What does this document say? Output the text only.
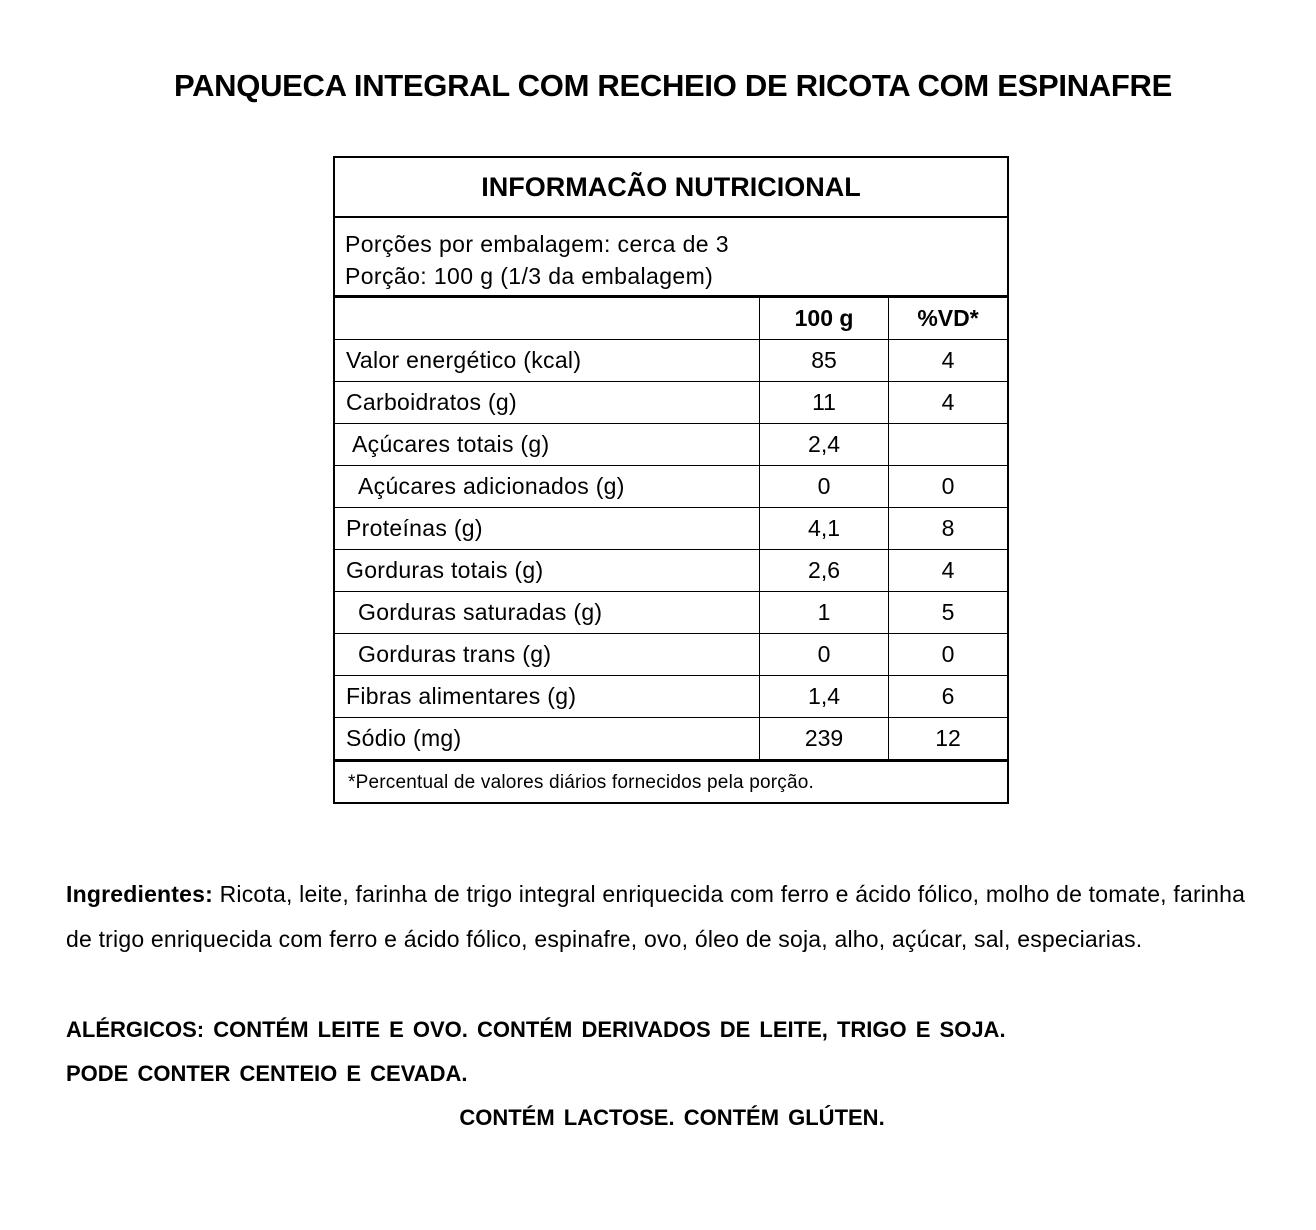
PANQUECA INTEGRAL COM RECHEIO DE RICOTA COM ESPINAFRE
INFORMACÃO NUTRICIONAL
Porções por embalagem: cerca de 3
Porção: 100 g (1/3 da embalagem)
	100 g	%VD*
Valor energético (kcal)	85	4
Carboidratos (g)	11	4
Açúcares totais (g)	2,4	
Açúcares adicionados (g)	0	0
Proteínas (g)	4,1	8
Gorduras totais (g)	2,6	4
Gorduras saturadas (g)	1	5
Gorduras trans (g)	0	0
Fibras alimentares (g)	1,4	6
Sódio (mg)	239	12
*Percentual de valores diários fornecidos pela porção.
Ingredientes: Ricota, leite, farinha de trigo integral enriquecida com ferro e ácido fólico, molho de tomate, farinha de trigo enriquecida com ferro e ácido fólico, espinafre, ovo, óleo de soja, alho, açúcar, sal, especiarias.
ALÉRGICOS: CONTÉM LEITE E OVO. CONTÉM DERIVADOS DE LEITE, TRIGO E SOJA.
PODE CONTER CENTEIO E CEVADA.
CONTÉM LACTOSE. CONTÉM GLÚTEN.
